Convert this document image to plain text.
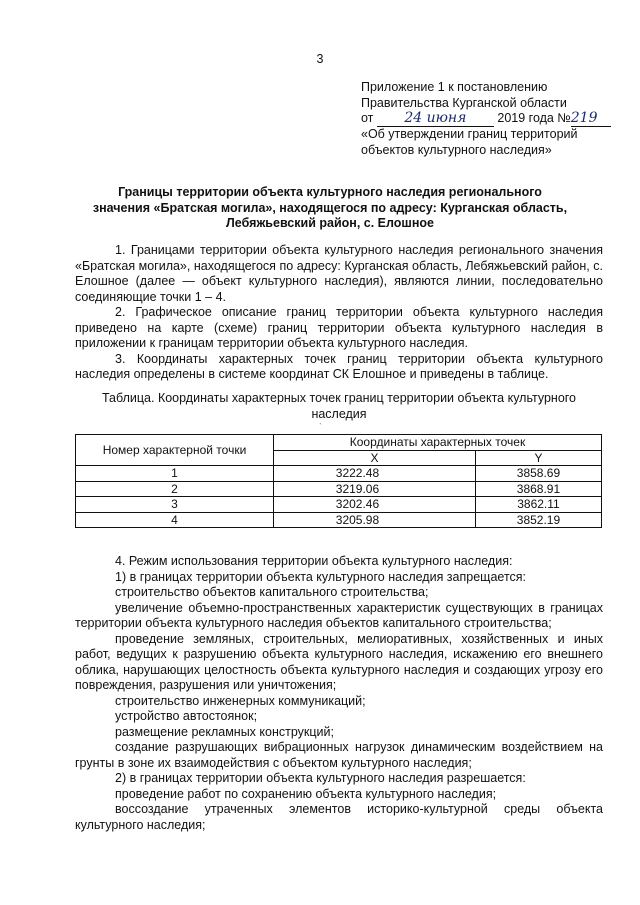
3
Приложение 1 к постановлению
Правительства Курганской области
от 24 июня 2019 года №219
«Об утверждении границ территорий
объектов культурного наследия»
Границы территории объекта культурного наследия регионального
значения «Братская могила», находящегося по адресу: Курганская область,
Лебяжьевский район, с. Елошное

1. Границами территории объекта культурного наследия регионального значения «Братская могила», находящегося по адресу: Курганская область, Лебяжьевский район, с. Елошное (далее — объект культурного наследия), являются линии, последовательно соединяющие точки 1 – 4.

2. Графическое описание границ территории объекта культурного наследия приведено на карте (схеме) границ территории объекта культурного наследия в приложении к границам территории объекта культурного наследия.

3. Координаты характерных точек границ территории объекта культурного наследия определены в системе координат СК Елошное и приведены в таблице.

Таблица. Координаты характерных точек границ территории объекта культурного наследия
`
Номер характерной точки	Координаты характерных точек	
	X	Y
1	3222.48	3858.69
2	3219.06	3868.91
3	3202.46	3862.11
4	3205.98	3852.19

4. Режим использования территории объекта культурного наследия:

1) в границах территории объекта культурного наследия запрещается:

строительство объектов капитального строительства;

увеличение объемно-пространственных характеристик существующих в границах территории объекта культурного наследия объектов капитального строительства;

проведение земляных, строительных, мелиоративных, хозяйственных и иных работ, ведущих к разрушению объекта культурного наследия, искажению его внешнего облика, нарушающих целостность объекта культурного наследия и создающих угрозу его повреждения, разрушения или уничтожения;

строительство инженерных коммуникаций;

устройство автостоянок;

размещение рекламных конструкций;

создание разрушающих вибрационных нагрузок динамическим воздействием на грунты в зоне их взаимодействия с объектом культурного наследия;

2) в границах территории объекта культурного наследия разрешается:

проведение работ по сохранению объекта культурного наследия;

воссоздание утраченных элементов историко-культурной среды объекта культурного наследия;
